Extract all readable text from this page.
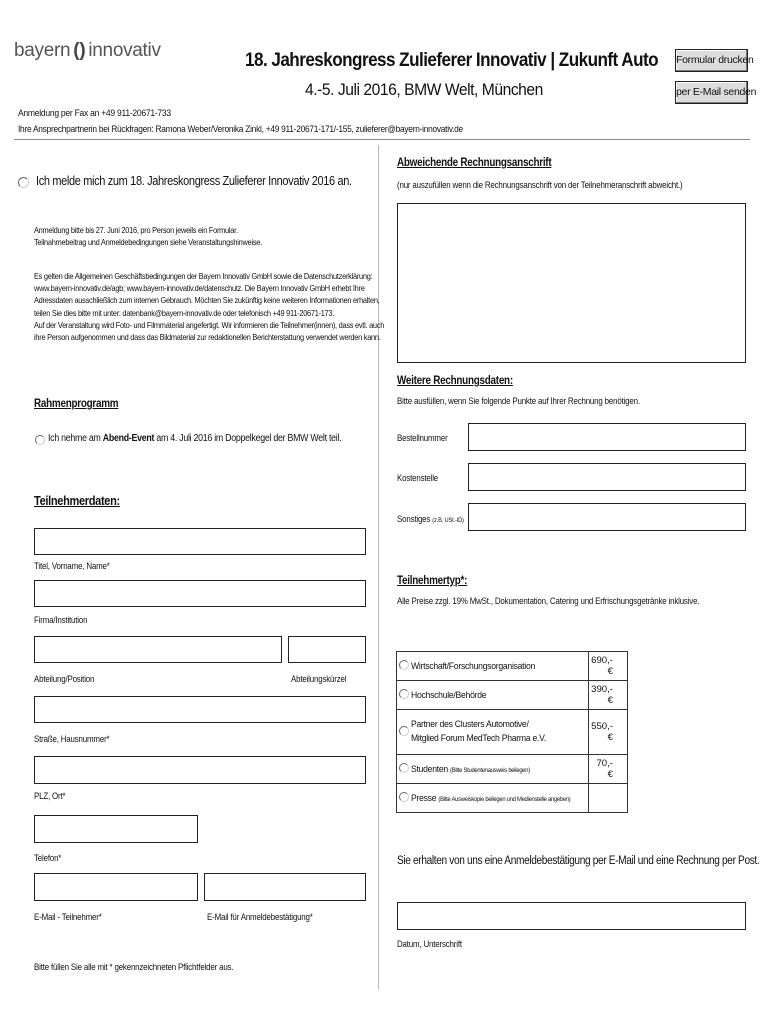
bayern () innovativ	18. Jahreskongress Zulieferer Innovativ | Zukunft Auto
4.-5. Juli 2016, BMW Welt, München
Formular drucken
per E-Mail senden
Anmeldung per Fax an +49 911-20671-733
Ihre Ansprechpartnerin bei Rückfragen: Ramona Weber/Veronika Zinkl, +49 911-20671-171/-155, zulieferer@bayern-innovativ.de
Ich melde mich zum 18. Jahreskongress Zulieferer Innovativ 2016 an.
Anmeldung bitte bis 27. Juni 2016, pro Person jeweils ein Formular.
Teilnahmebeitrag und Anmeldebedingungen siehe Veranstaltungshinweise.
Es gelten die Allgemeinen Geschäftsbedingungen der Bayern Innovativ GmbH sowie die Datenschutzerklärung:
www.bayern-innovativ.de/agb; www.bayern-innovativ.de/datenschutz. Die Bayern Innovativ GmbH erhebt Ihre
Adressdaten ausschließlich zum internen Gebrauch. Möchten Sie zukünftig keine weiteren Informationen erhalten,
teilen Sie dies bitte mit unter: datenbank@bayern-innovativ.de oder telefonisch +49 911-20671-173.
Auf der Veranstaltung wird Foto- und Filmmaterial angefertigt. Wir informieren die Teilnehmer(innen), dass evtl. auch
ihre Person aufgenommen und dass das Bildmaterial zur redaktionellen Berichterstattung verwendet werden kann.
Rahmenprogramm
Ich nehme am Abend-Event am 4. Juli 2016 im Doppelkegel der BMW Welt teil.
Teilnehmerdaten:
Titel, Vorname, Name*
Firma/Institution
Abteilung/Position	Abteilungskürzel
Straße, Hausnummer*
PLZ, Ort*
Telefon*
E-Mail - Teilnehmer*	E-Mail für Anmeldebestätigung*
Bitte füllen Sie alle mit * gekennzeichneten Pflichtfelder aus.
Abweichende Rechnungsanschrift
(nur auszufüllen wenn die Rechnungsanschrift von der Teilnehmeranschrift abweicht.)
Weitere Rechnungsdaten:
Bitte ausfüllen, wenn Sie folgende Punkte auf Ihrer Rechnung benötigen.
Bestellnummer
Kostenstelle
Sonstiges (z.B. USt.-ID)
Teilnehmertyp*:
Alle Preise zzgl. 19% MwSt., Dokumentation, Catering und Erfrischungsgetränke inklusive.
Wirtschaft/Forschungsorganisation	690,- €

Hochschule/Behörde	390,- €

Partner des Clusters Automotive/
Mitglied Forum MedTech Pharma e.V.	550,- €

Studenten (Bitte Studentenausweis beilegen)	70,- €

Presse (Bitte Ausweiskopie beilegen und Medienstelle angeben)	

Sie erhalten von uns eine Anmeldebestätigung per E-Mail und eine Rechnung per Post.
Datum, Unterschrift
